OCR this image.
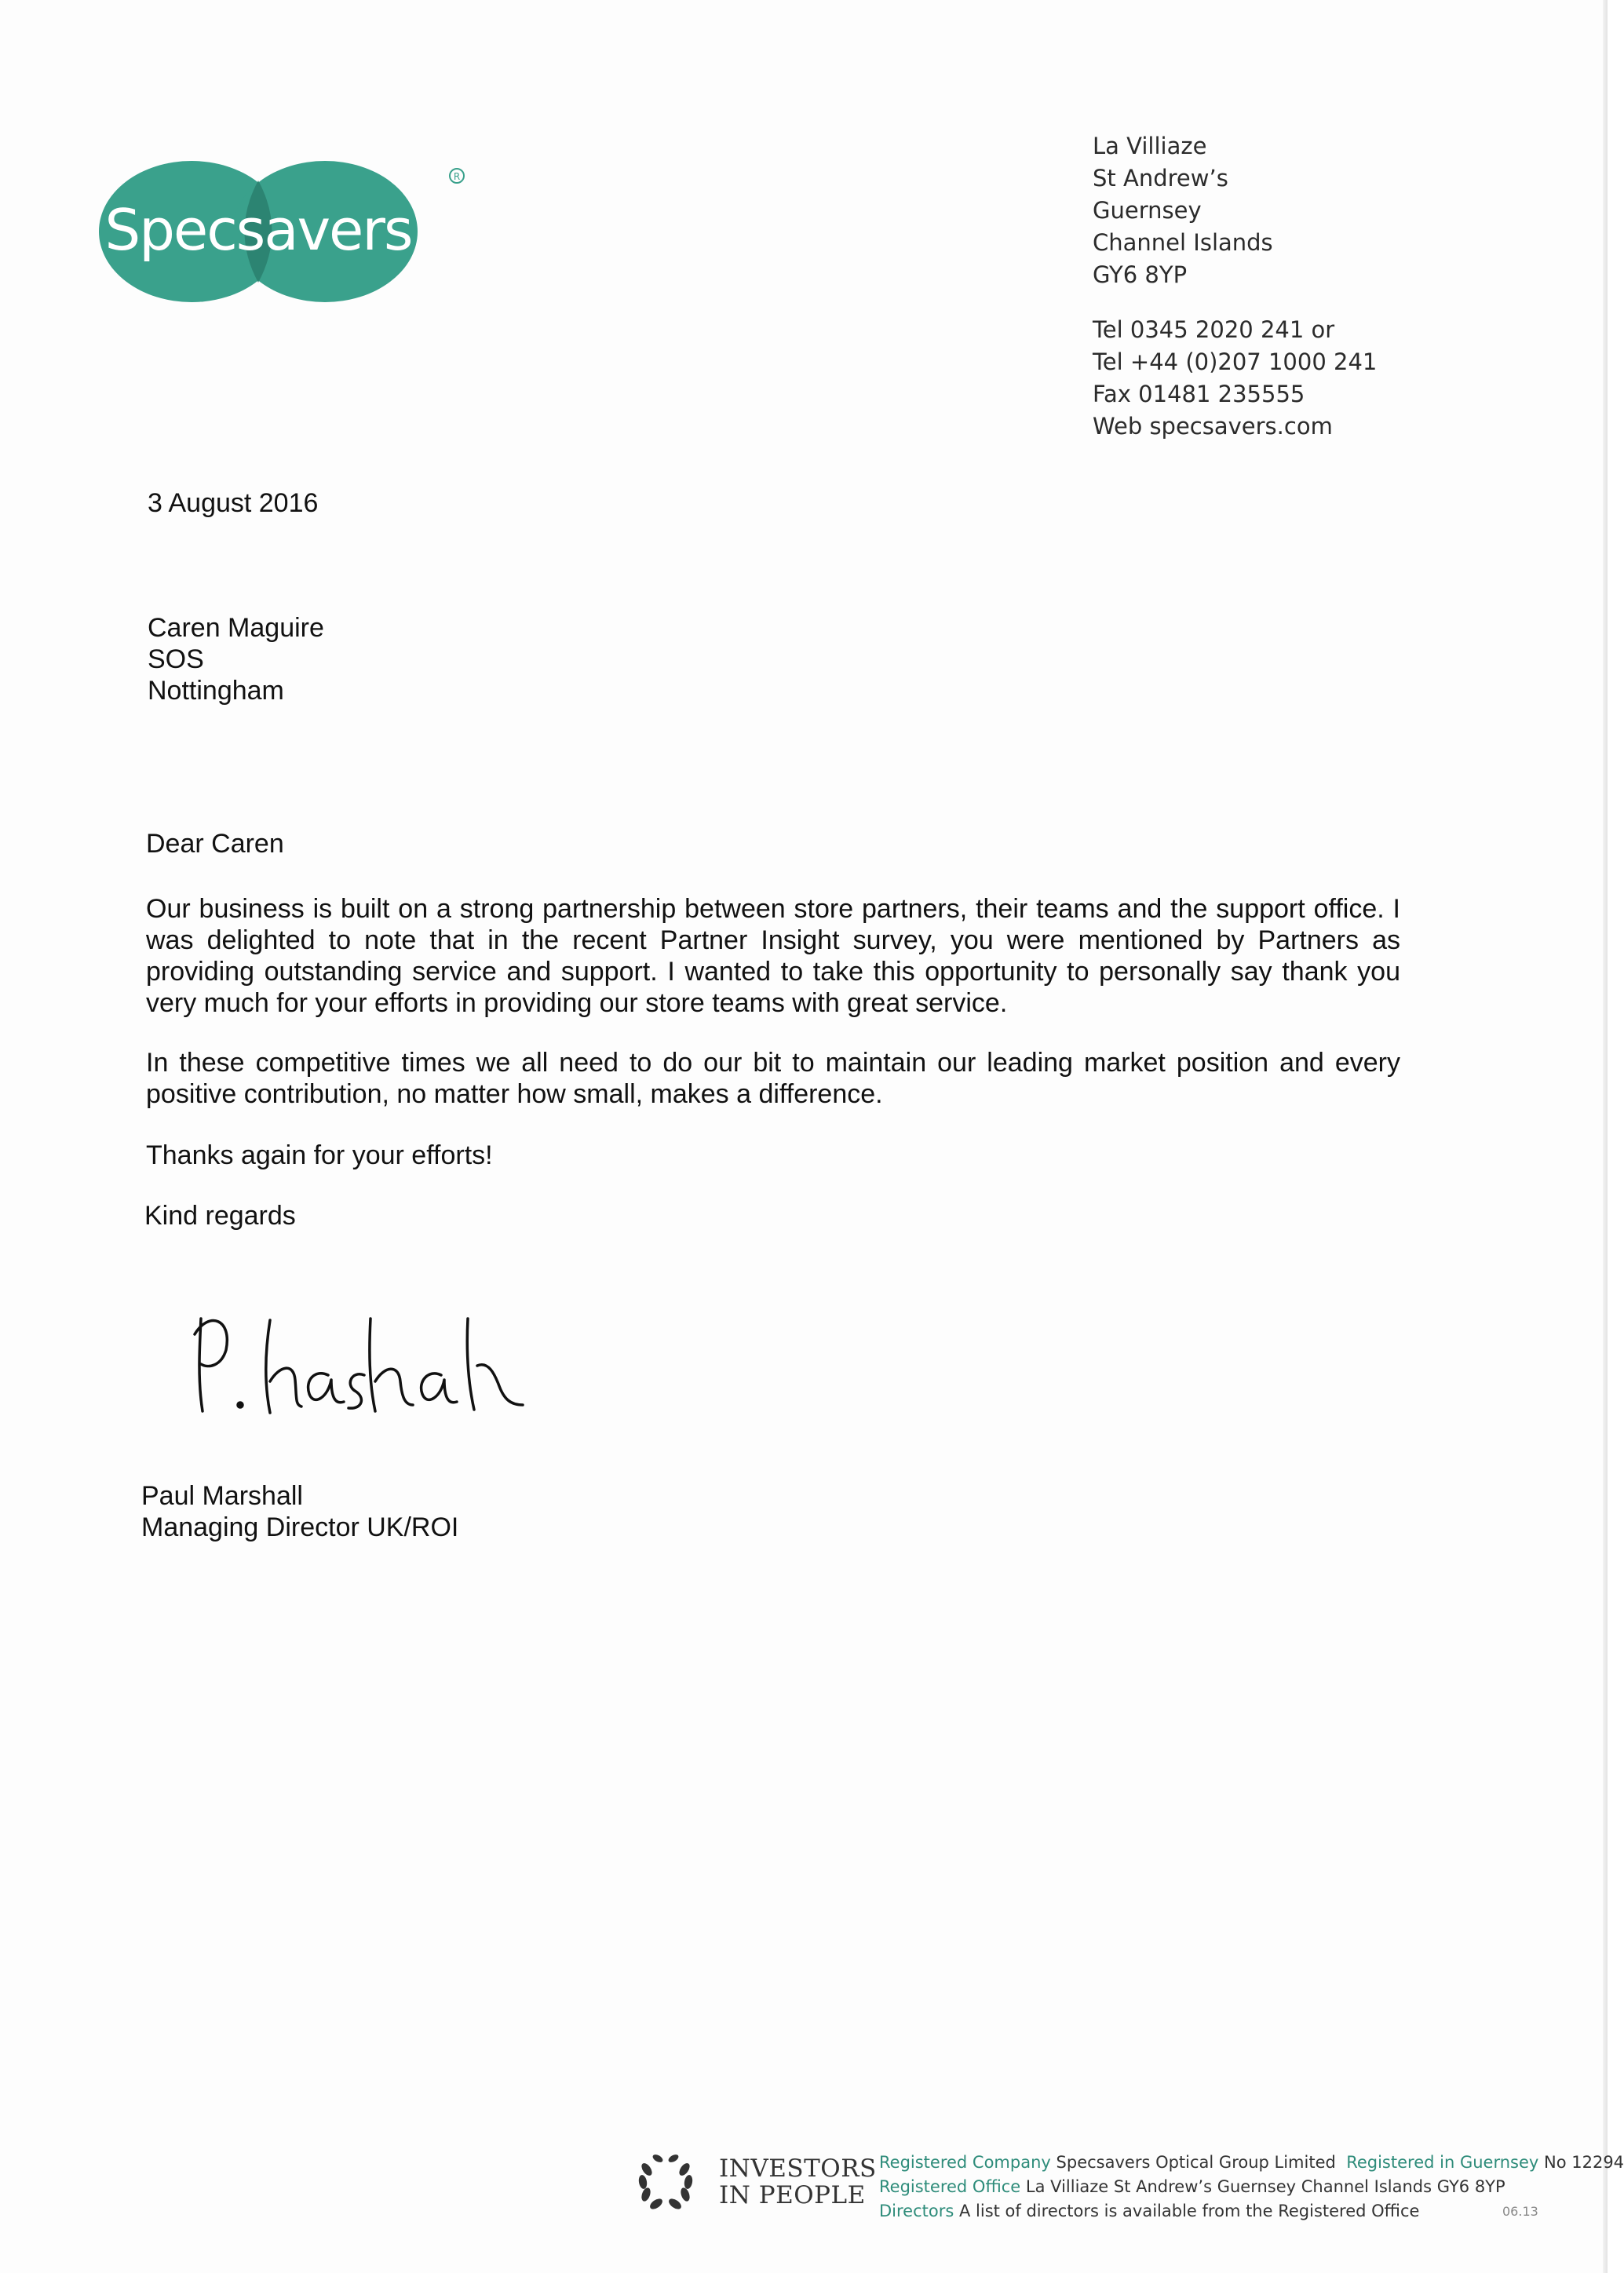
Specsavers
R
La Villiaze
St Andrew’s
Guernsey
Channel Islands
GY6 8YP
Tel 0345 2020 241 or
Tel +44 (0)207 1000 241
Fax 01481 235555
Web specsavers.com
3 August 2016
Caren Maguire
SOS
Nottingham
Dear Caren
Our business is built on a strong partnership between store partners, their teams and the support office. I was delighted to note that in the recent Partner Insight survey, you were mentioned by Partners as providing outstanding service and support. I wanted to take this opportunity to personally say thank you very much for your efforts in providing our store teams with great service.
In these competitive times we all need to do our bit to maintain our leading market position and every positive contribution, no matter how small, makes a difference.
Thanks again for your efforts!
Kind regards
Paul Marshall
Managing Director UK/ROI
INVESTORS
IN PEOPLE
Registered Company Specsavers Optical Group Limited Registered in Guernsey No 12294
Registered Office La Villiaze St Andrew’s Guernsey Channel Islands GY6 8YP
Directors A list of directors is available from the Registered Office	06.13
